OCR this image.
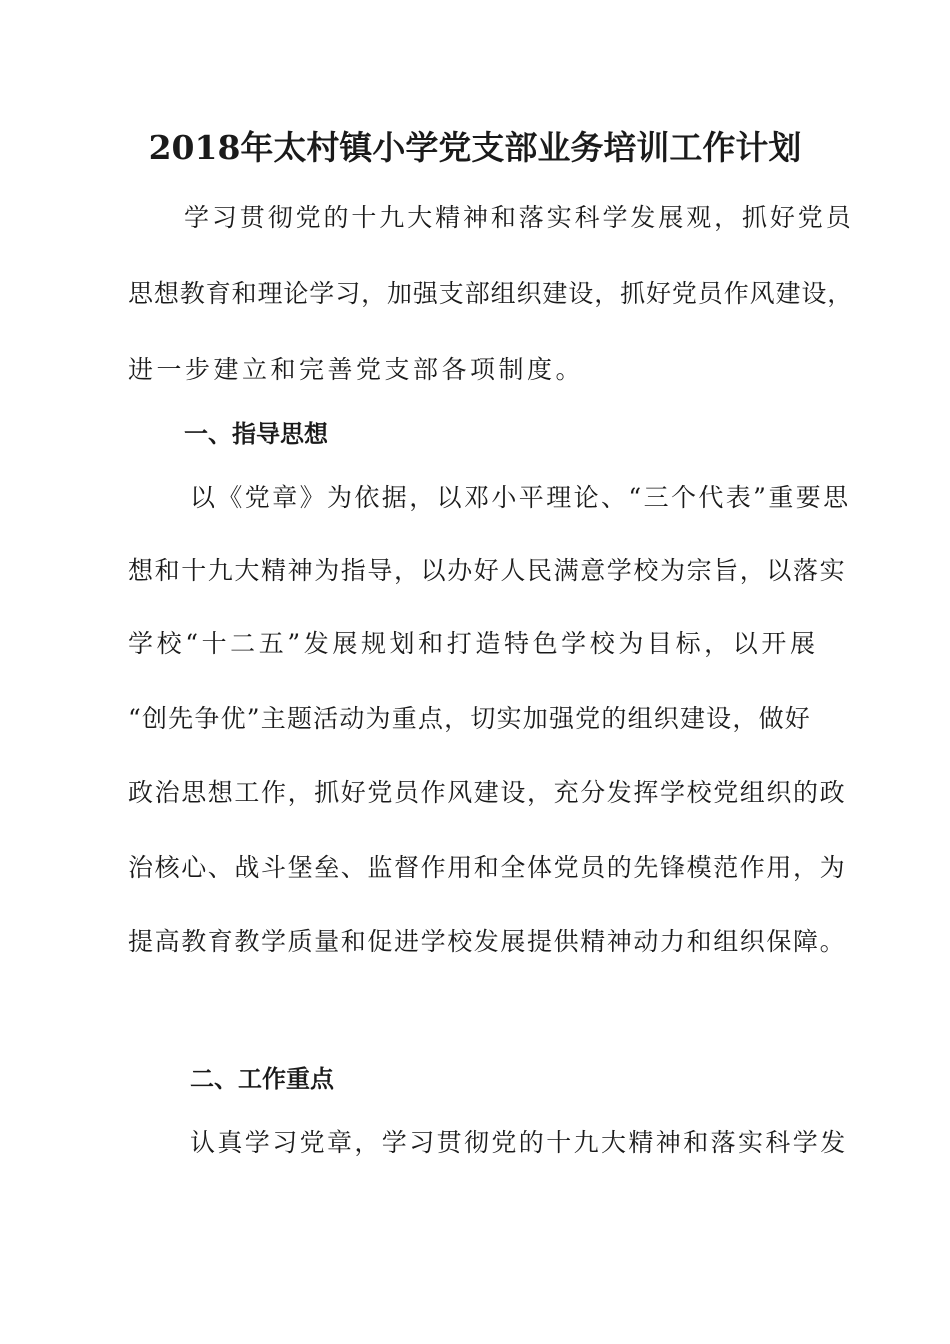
2018年太村镇小学党支部业务培训工作计划
学习贯彻党的十九大精神和落实科学发展观，抓好党员
思想教育和理论学习，加强支部组织建设，抓好党员作风建设，
进一步建立和完善党支部各项制度。
一、指导思想
以《党章》为依据，以邓小平理论、“三个代表”重要思
想和十九大精神为指导，以办好人民满意学校为宗旨，以落实
学校“十二五”发展规划和打造特色学校为目标，以开展
“创先争优”主题活动为重点，切实加强党的组织建设，做好
政治思想工作，抓好党员作风建设，充分发挥学校党组织的政
治核心、战斗堡垒、监督作用和全体党员的先锋模范作用，为
提高教育教学质量和促进学校发展提供精神动力和组织保障。
二、工作重点
认真学习党章，学习贯彻党的十九大精神和落实科学发
